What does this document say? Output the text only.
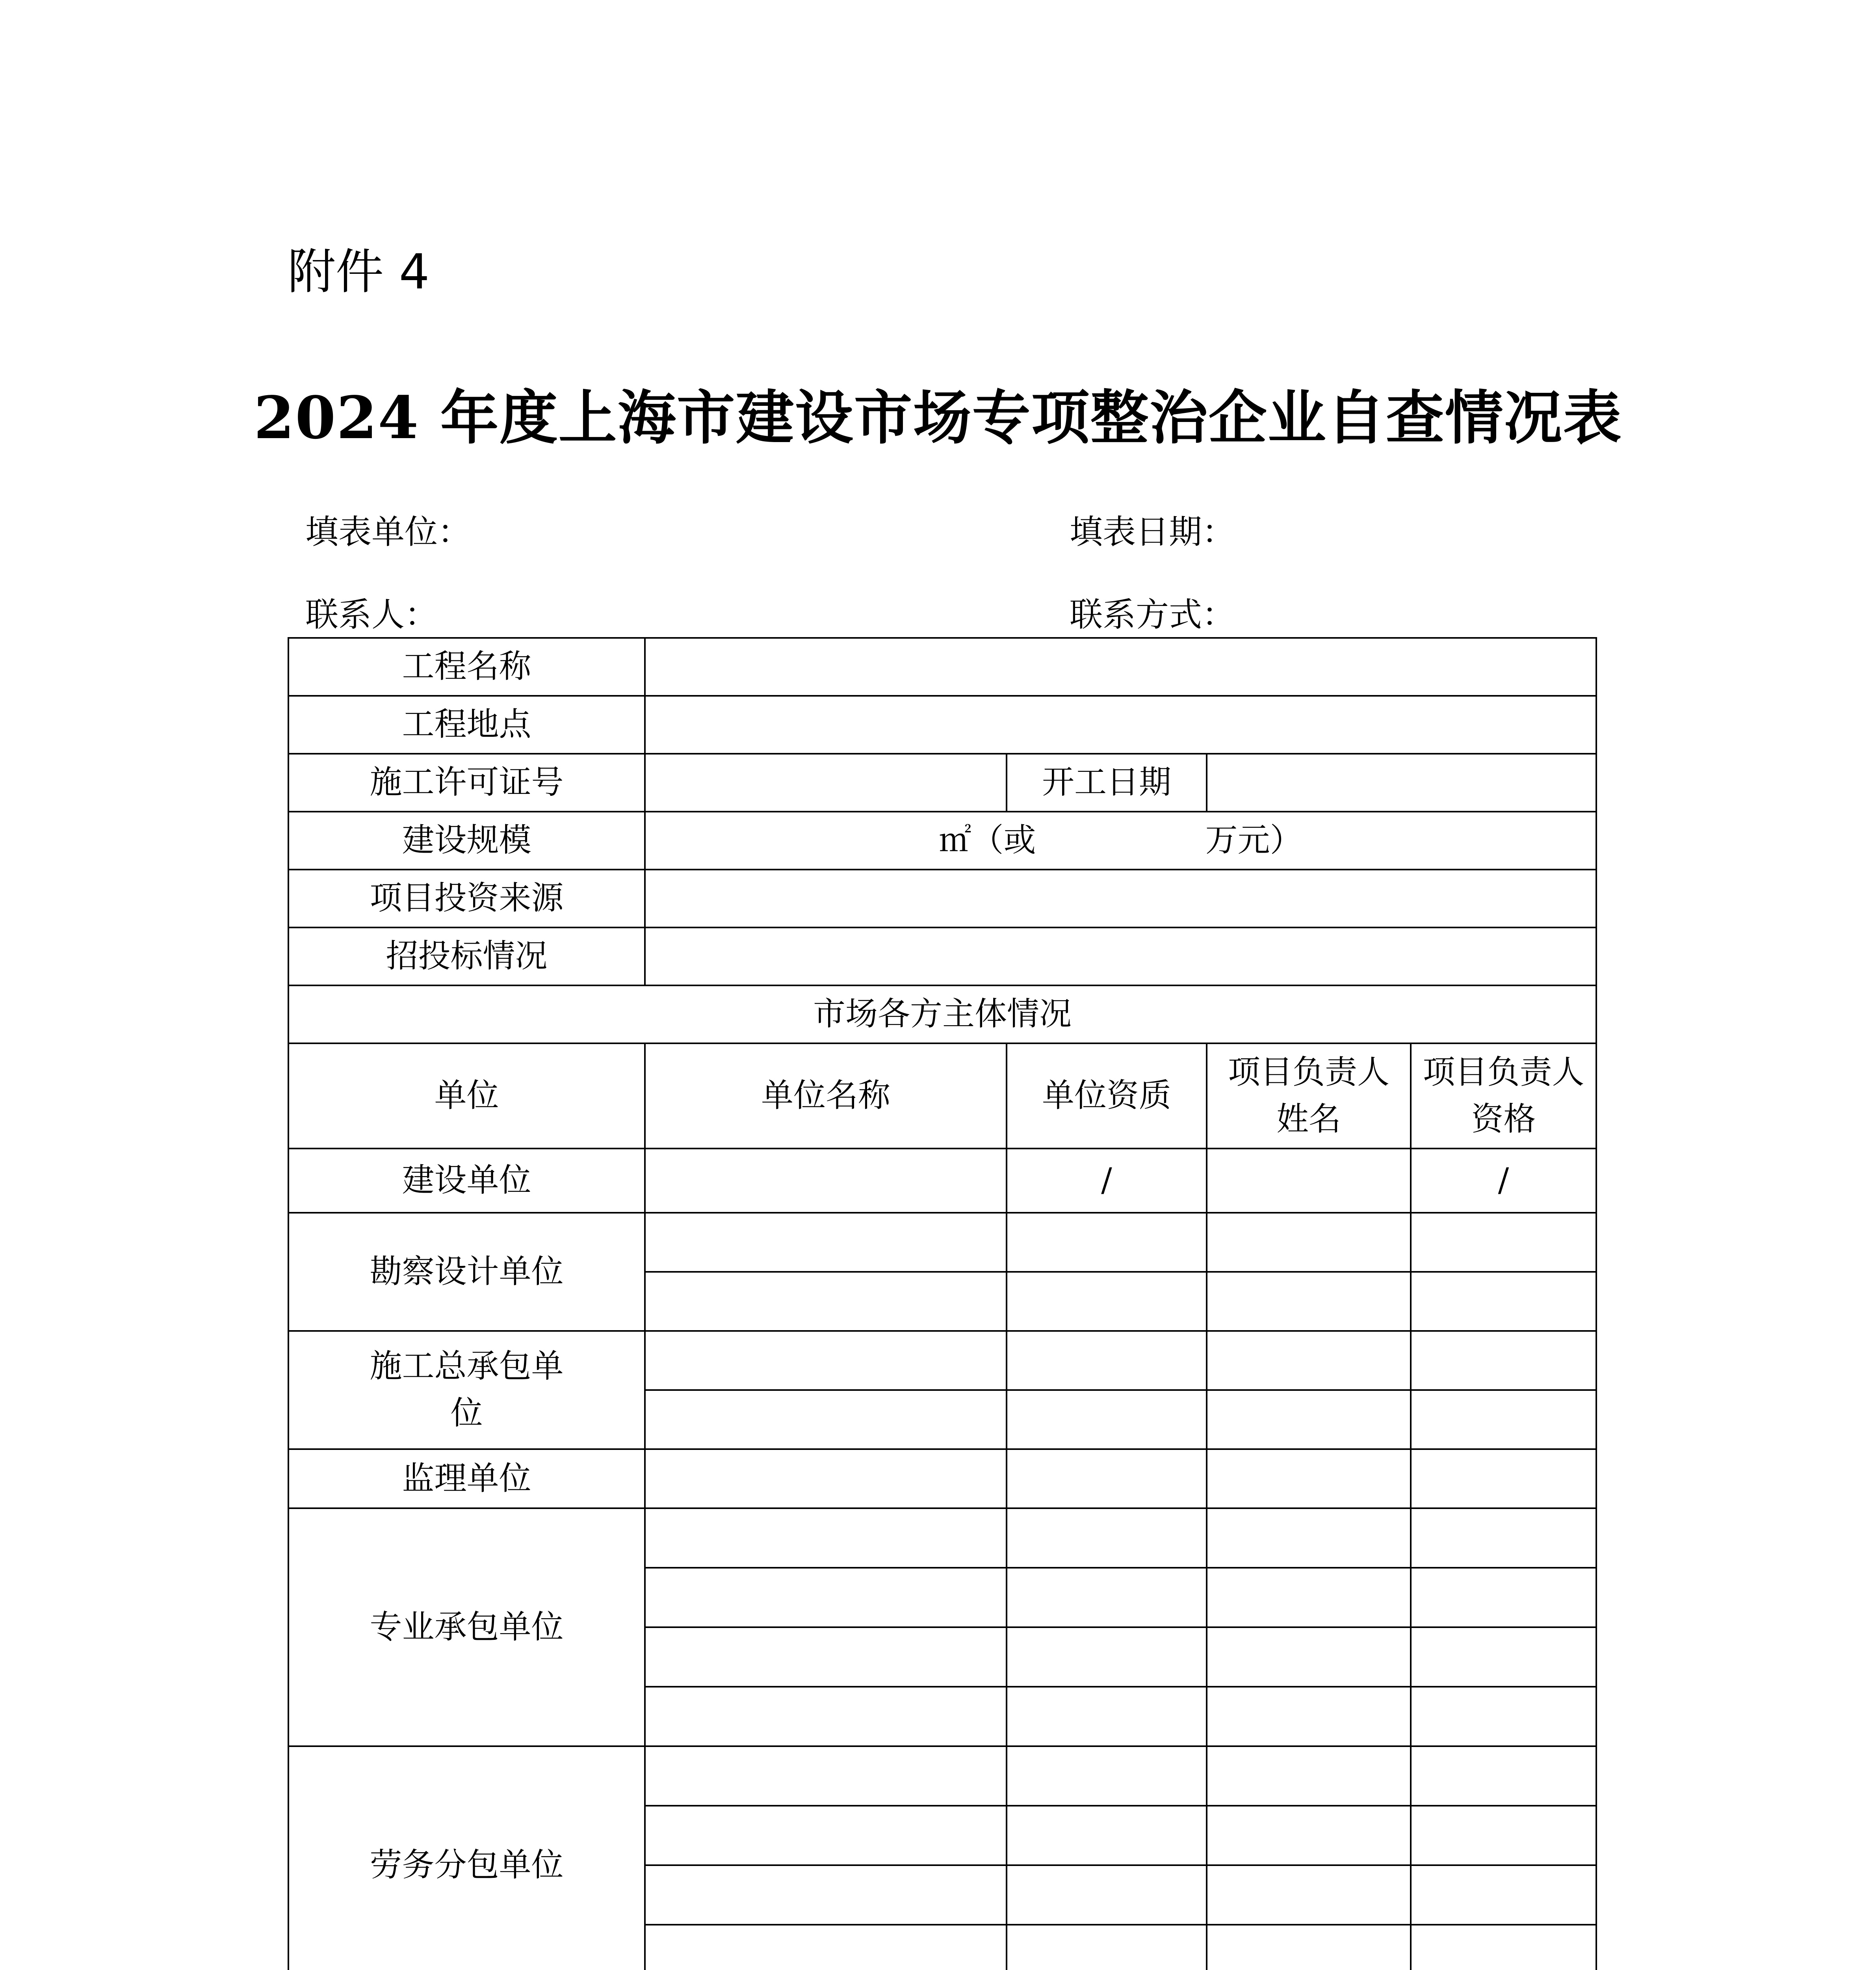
附件 4
2024 年度上海市建设市场专项整治企业自查情况表
填表单位：	填表日期：
联系人：	联系方式：
工程名称				
工程地点				
施工许可证号		开工日期		
建设规模	㎡（或 万元）			
项目投资来源				
招投标情况				
市场各方主体情况				
单位	单位名称	单位资质	项目负责人姓名	项目负责人资格
建设单位		/		/
勘察设计单位				

施工总承包单位				

监理单位				
专业承包单位				

劳务分包单位				
